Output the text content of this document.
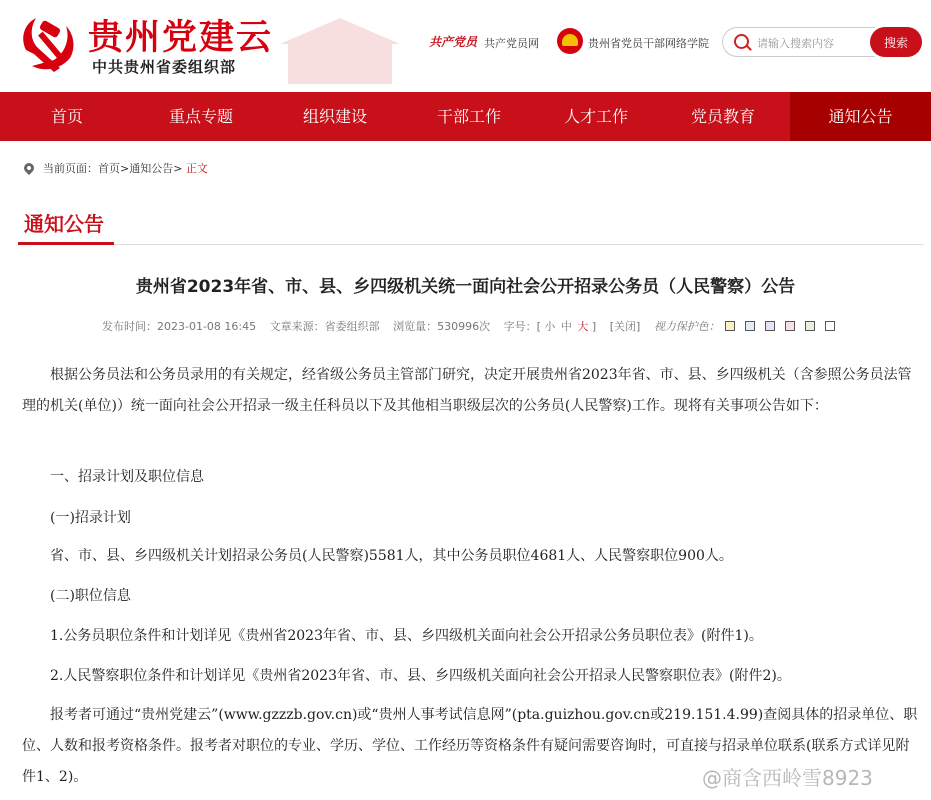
贵州党建云
中共贵州省委组织部
共产党员 共产党员网	贵州省党员干部网络学院
请输入搜索内容	搜索
首页	重点专题	组织建设	干部工作	人才工作	党员教育	通知公告
当前页面： 首页 > 通知公告 >
正文
通知公告
贵州省2023年省、市、县、乡四级机关统一面向社会公开招录公务员（人民警察）公告
发布时间：2023-01-08 16:45 文章来源：省委组织部 浏览量：530996次 字号：[ 小 中 大 ] [关闭] 视力保护色：
根据公务员法和公务员录用的有关规定，经省级公务员主管部门研究，决定开展贵州省2023年省、市、县、乡四级机关（含参照公务员法管理的机关(单位)）统一面向社会公开招录一级主任科员以下及其他相当职级层次的公务员(人民警察)工作。现将有关事项公告如下：
一、招录计划及职位信息
(一)招录计划
省、市、县、乡四级机关计划招录公务员(人民警察)5581人，其中公务员职位4681人、人民警察职位900人。
(二)职位信息
1.公务员职位条件和计划详见《贵州省2023年省、市、县、乡四级机关面向社会公开招录公务员职位表》(附件1)。
2.人民警察职位条件和计划详见《贵州省2023年省、市、县、乡四级机关面向社会公开招录人民警察职位表》(附件2)。
报考者可通过“贵州党建云”(www.gzzzb.gov.cn)或“贵州人事考试信息网”(pta.guizhou.gov.cn或219.151.4.99)查阅具体的招录单位、职位、人数和报考资格条件。报考者对职位的专业、学历、学位、工作经历等资格条件有疑问需要咨询时，可直接与招录单位联系(联系方式详见附件1、2)。	@商含西岭雪8923
